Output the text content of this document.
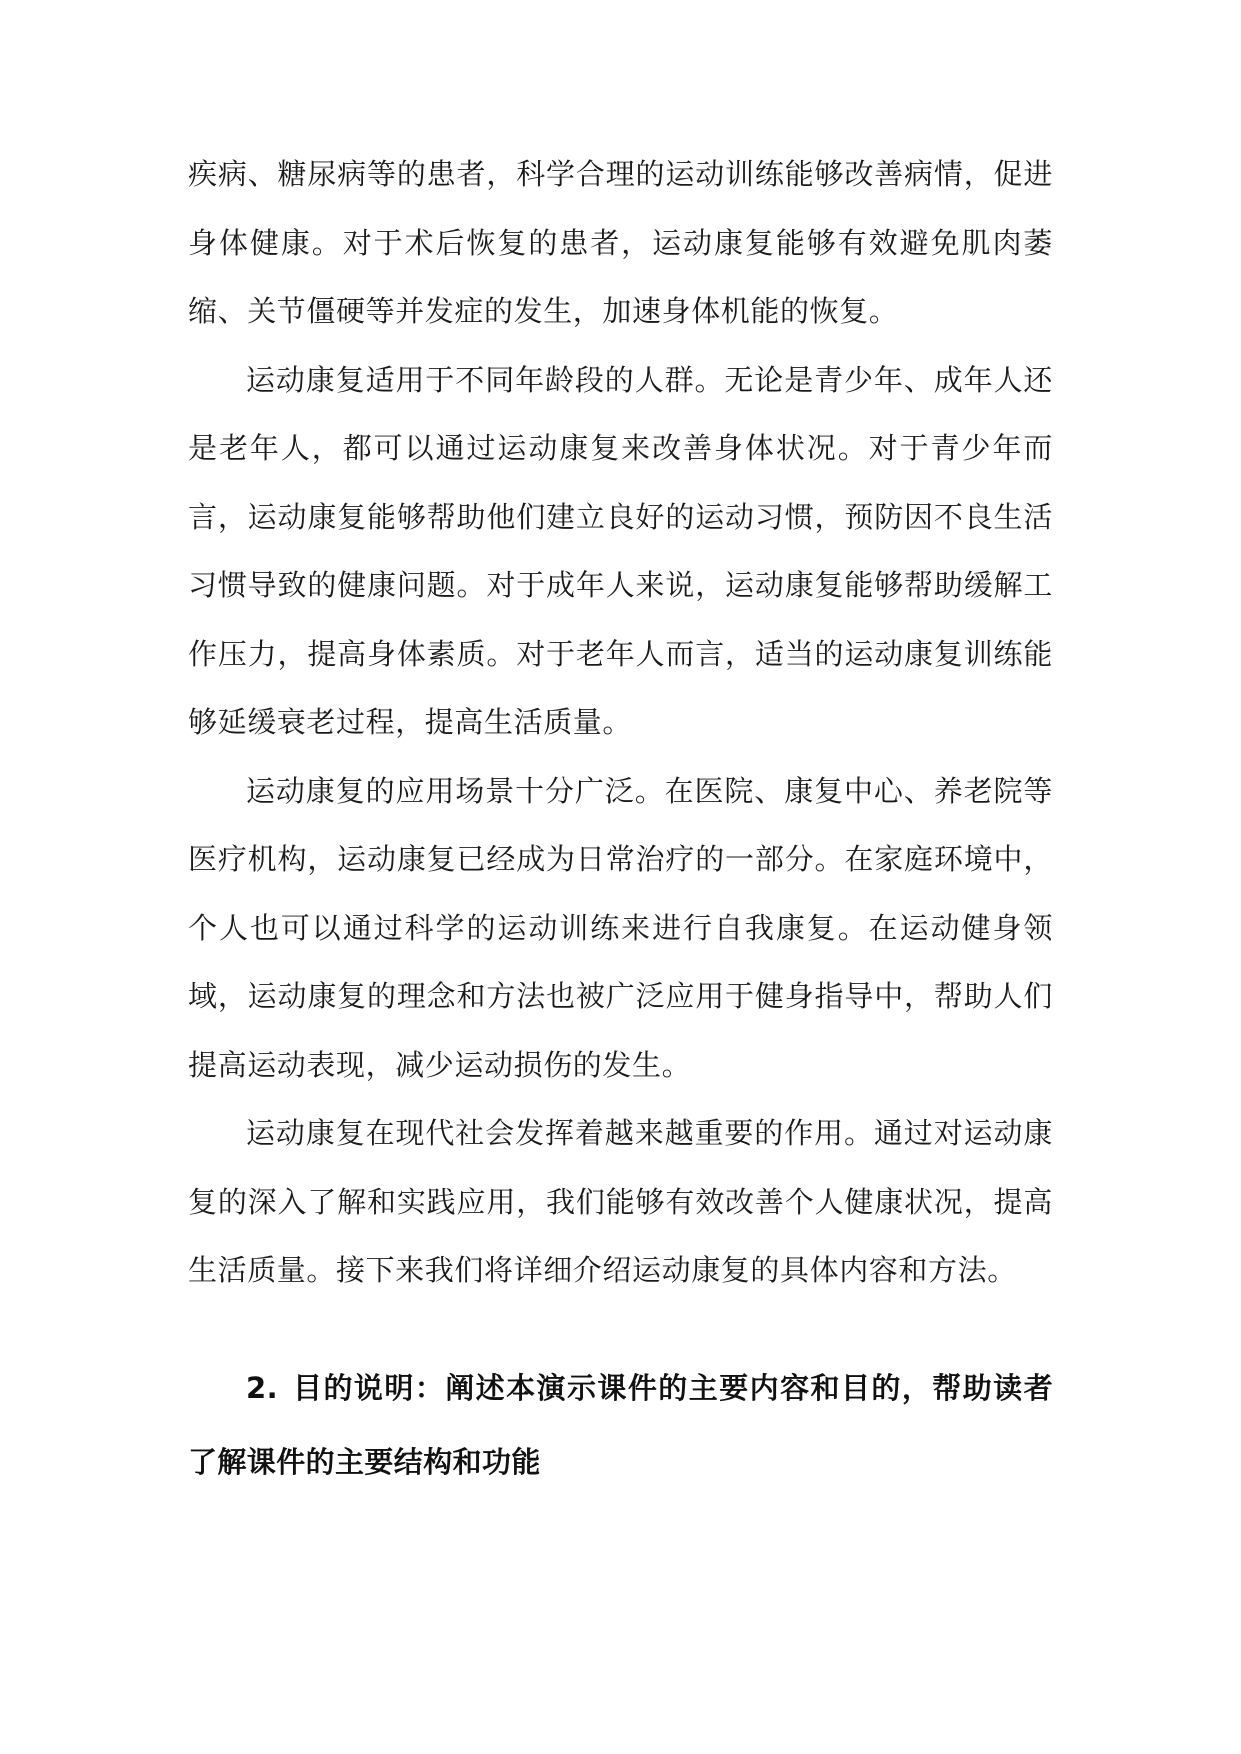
疾病、糖尿病等的患者，科学合理的运动训练能够改善病情，促进身体健康。对于术后恢复的患者，运动康复能够有效避免肌肉萎缩、关节僵硬等并发症的发生，加速身体机能的恢复。

运动康复适用于不同年龄段的人群。无论是青少年、成年人还是老年人，都可以通过运动康复来改善身体状况。对于青少年而言，运动康复能够帮助他们建立良好的运动习惯，预防因不良生活习惯导致的健康问题。对于成年人来说，运动康复能够帮助缓解工作压力，提高身体素质。对于老年人而言，适当的运动康复训练能够延缓衰老过程，提高生活质量。

运动康复的应用场景十分广泛。在医院、康复中心、养老院等医疗机构，运动康复已经成为日常治疗的一部分。在家庭环境中，个人也可以通过科学的运动训练来进行自我康复。在运动健身领域，运动康复的理念和方法也被广泛应用于健身指导中，帮助人们提高运动表现，减少运动损伤的发生。

运动康复在现代社会发挥着越来越重要的作用。通过对运动康复的深入了解和实践应用，我们能够有效改善个人健康状况，提高生活质量。接下来我们将详细介绍运动康复的具体内容和方法。

2. 目的说明：阐述本演示课件的主要内容和目的，帮助读者了解课件的主要结构和功能
